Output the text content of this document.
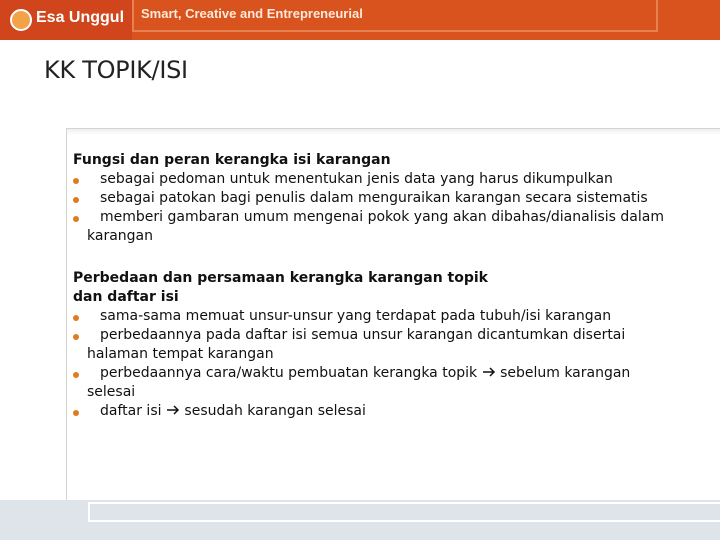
Esa Unggul Smart, Creative and Entrepreneurial
KK TOPIK/ISI

Fungsi dan peran kerangka isi karangan

sebagai pedoman untuk menentukan jenis data yang harus dikumpulkan

sebagai patokan bagi penulis dalam menguraikan karangan secara sistematis

memberi gambaran umum mengenai pokok yang akan dibahas/dianalisis dalam
karangan

Perbedaan dan persamaan kerangka karangan topik

dan daftar isi

sama-sama memuat unsur-unsur yang terdapat pada tubuh/isi karangan

perbedaannya pada daftar isi semua unsur karangan dicantumkan disertai
halaman tempat karangan

perbedaannya cara/waktu pembuatan kerangka topik sebelum karangan
selesai

daftar isi sesudah karangan selesai
